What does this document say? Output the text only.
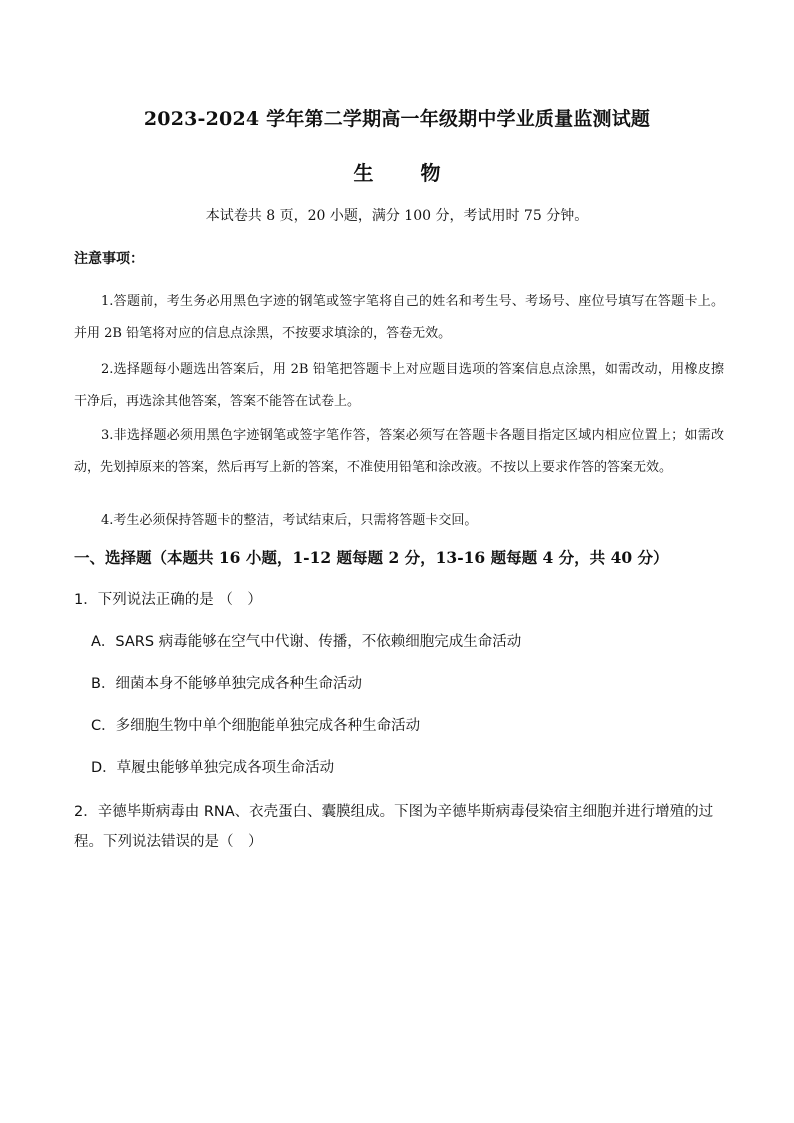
2023-2024 学年第二学期高一年级期中学业质量监测试题
生 物
本试卷共 8 页，20 小题，满分 100 分，考试用时 75 分钟。
注意事项：
1.答题前，考生务必用黑色字迹的钢笔或签字笔将自己的姓名和考生号、考场号、座位号填写在答题卡上。并用 2B 铅笔将对应的信息点涂黑，不按要求填涂的，答卷无效。
2.选择题每小题选出答案后，用 2B 铅笔把答题卡上对应题目选项的答案信息点涂黑，如需改动，用橡皮擦干净后，再选涂其他答案，答案不能答在试卷上。
3.非选择题必须用黑色字迹钢笔或签字笔作答，答案必须写在答题卡各题目指定区域内相应位置上；如需改动，先划掉原来的答案，然后再写上新的答案，不准使用铅笔和涂改液。不按以上要求作答的答案无效。
4.考生必须保持答题卡的整洁，考试结束后，只需将答题卡交回。
一、选择题（本题共 16 小题，1-12 题每题 2 分，13-16 题每题 4 分，共 40 分）
1．下列说法正确的是 （　）
A．SARS 病毒能够在空气中代谢、传播，不依赖细胞完成生命活动
B．细菌本身不能够单独完成各种生命活动
C．多细胞生物中单个细胞能单独完成各种生命活动
D．草履虫能够单独完成各项生命活动
2．辛德毕斯病毒由 RNA、衣壳蛋白、囊膜组成。下图为辛德毕斯病毒侵染宿主细胞并进行增殖的过程。下列说法错误的是（　）
